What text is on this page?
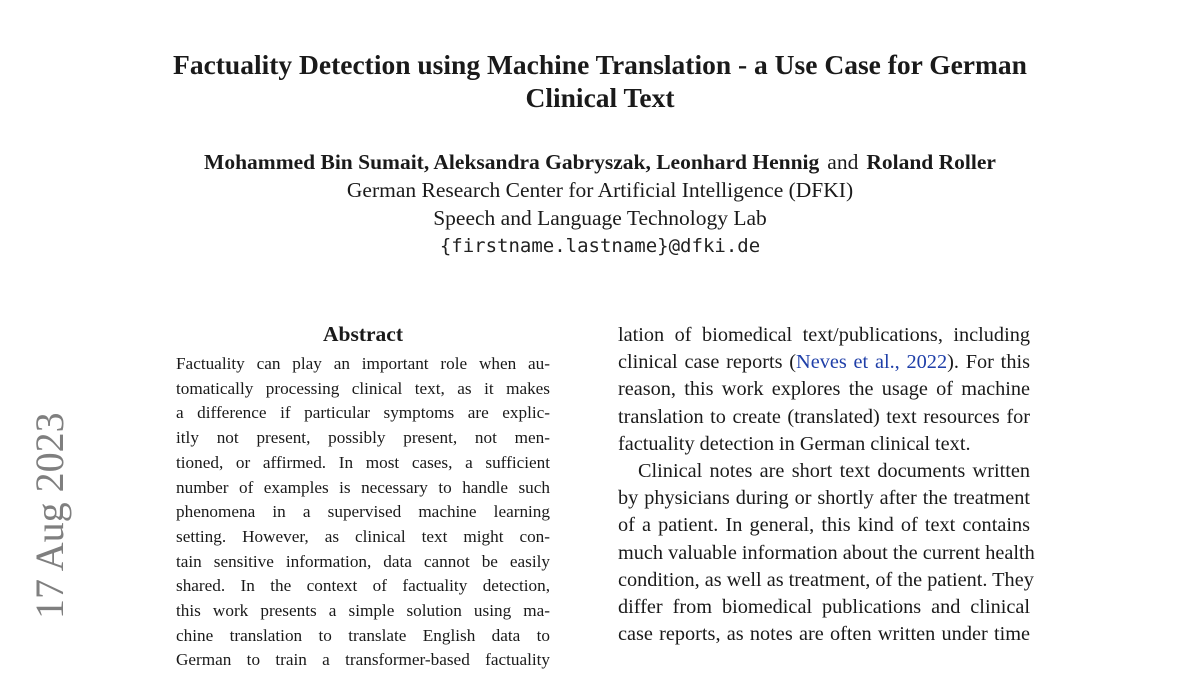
17 Aug 2023
Factuality Detection using Machine Translation - a Use Case for German
Clinical Text
Mohammed Bin Sumait, Aleksandra Gabryszak, Leonhard Hennig and Roland Roller
German Research Center for Artificial Intelligence (DFKI)
Speech and Language Technology Lab
{firstname.lastname}@dfki.de
Abstract
Factuality can play an important role when au-
tomatically processing clinical text, as it makes
a difference if particular symptoms are explic-
itly not present, possibly present, not men-
tioned, or affirmed. In most cases, a sufficient
number of examples is necessary to handle such
phenomena in a supervised machine learning
setting. However, as clinical text might con-
tain sensitive information, data cannot be easily
shared. In the context of factuality detection,
this work presents a simple solution using ma-
chine translation to translate English data to
German to train a transformer-based factuality
lation of biomedical text/publications, including
clinical case reports (Neves et al., 2022). For this
reason, this work explores the usage of machine
translation to create (translated) text resources for
factuality detection in German clinical text.
Clinical notes are short text documents written
by physicians during or shortly after the treatment
of a patient. In general, this kind of text contains
much valuable information about the current health
condition, as well as treatment, of the patient. They
differ from biomedical publications and clinical
case reports, as notes are often written under time
